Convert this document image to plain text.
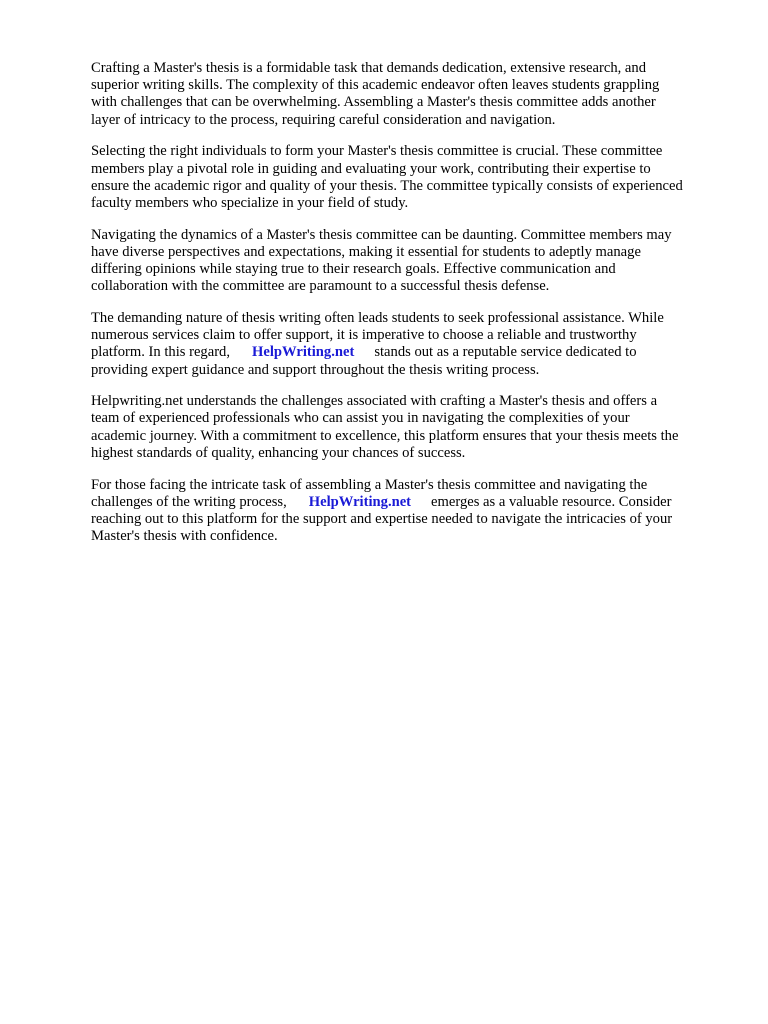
Crafting a Master's thesis is a formidable task that demands dedication, extensive research, and
superior writing skills. The complexity of this academic endeavor often leaves students grappling
with challenges that can be overwhelming. Assembling a Master's thesis committee adds another
layer of intricacy to the process, requiring careful consideration and navigation.

Selecting the right individuals to form your Master's thesis committee is crucial. These committee
members play a pivotal role in guiding and evaluating your work, contributing their expertise to
ensure the academic rigor and quality of your thesis. The committee typically consists of experienced
faculty members who specialize in your field of study.

Navigating the dynamics of a Master's thesis committee can be daunting. Committee members may
have diverse perspectives and expectations, making it essential for students to adeptly manage
differing opinions while staying true to their research goals. Effective communication and
collaboration with the committee are paramount to a successful thesis defense.

The demanding nature of thesis writing often leads students to seek professional assistance. While
numerous services claim to offer support, it is imperative to choose a reliable and trustworthy
platform. In this regard, HelpWriting.net stands out as a reputable service dedicated to
providing expert guidance and support throughout the thesis writing process.

Helpwriting.net understands the challenges associated with crafting a Master's thesis and offers a
team of experienced professionals who can assist you in navigating the complexities of your
academic journey. With a commitment to excellence, this platform ensures that your thesis meets the
highest standards of quality, enhancing your chances of success.

For those facing the intricate task of assembling a Master's thesis committee and navigating the
challenges of the writing process, HelpWriting.net emerges as a valuable resource. Consider
reaching out to this platform for the support and expertise needed to navigate the intricacies of your
Master's thesis with confidence.
